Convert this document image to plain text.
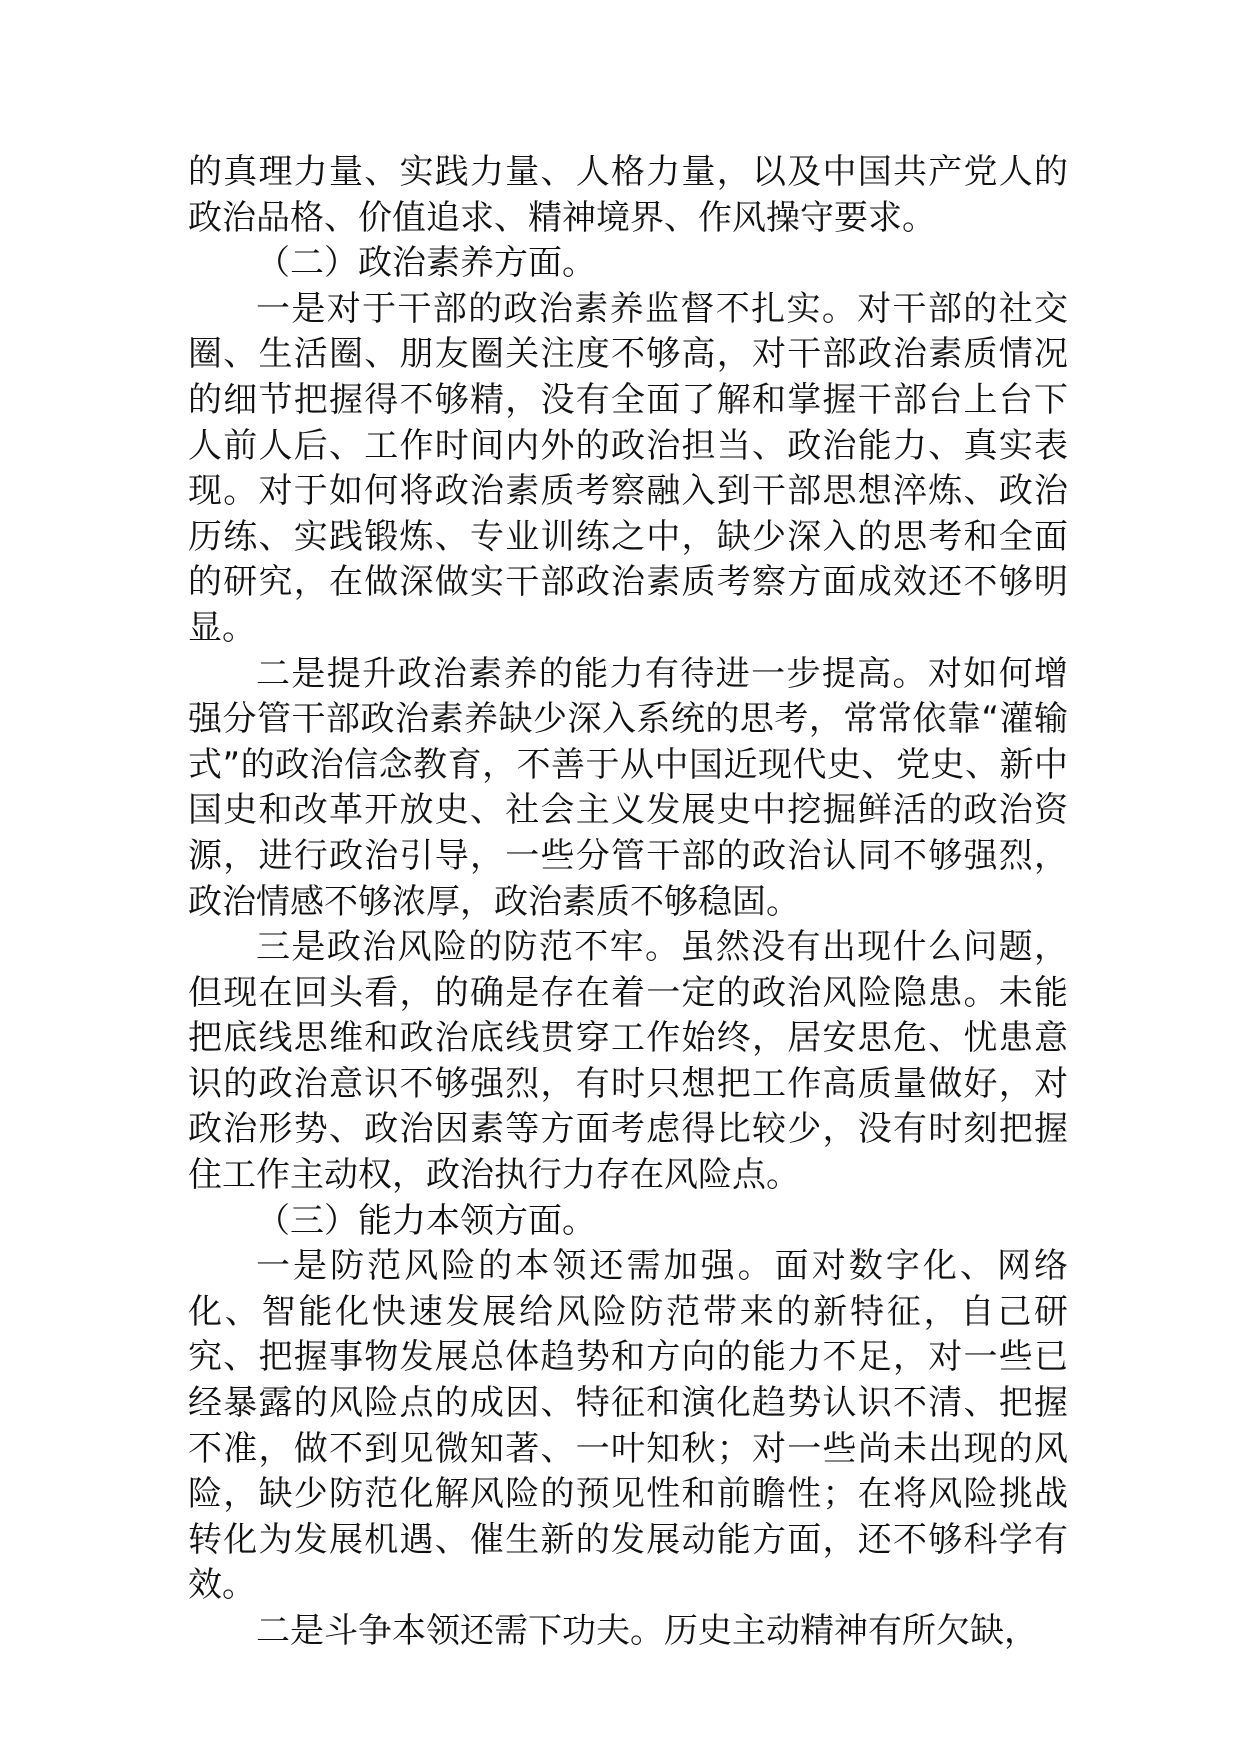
的真理力量、实践力量、人格力量，以及中国共产党人的政治品格、价值追求、精神境界、作风操守要求。

（二）政治素养方面。

一是对于干部的政治素养监督不扎实。对干部的社交圈、生活圈、朋友圈关注度不够高，对干部政治素质情况的细节把握得不够精，没有全面了解和掌握干部台上台下人前人后、工作时间内外的政治担当、政治能力、真实表现。对于如何将政治素质考察融入到干部思想淬炼、政治历练、实践锻炼、专业训练之中，缺少深入的思考和全面的研究，在做深做实干部政治素质考察方面成效还不够明显。

二是提升政治素养的能力有待进一步提高。对如何增强分管干部政治素养缺少深入系统的思考，常常依靠“灌输式”的政治信念教育，不善于从中国近现代史、党史、新中国史和改革开放史、社会主义发展史中挖掘鲜活的政治资源，进行政治引导，一些分管干部的政治认同不够强烈，政治情感不够浓厚，政治素质不够稳固。

三是政治风险的防范不牢。虽然没有出现什么问题，但现在回头看，的确是存在着一定的政治风险隐患。未能把底线思维和政治底线贯穿工作始终，居安思危、忧患意识的政治意识不够强烈，有时只想把工作高质量做好，对政治形势、政治因素等方面考虑得比较少，没有时刻把握住工作主动权，政治执行力存在风险点。

（三）能力本领方面。

一是防范风险的本领还需加强。面对数字化、网络化、智能化快速发展给风险防范带来的新特征，自己研究、把握事物发展总体趋势和方向的能力不足，对一些已经暴露的风险点的成因、特征和演化趋势认识不清、把握不准，做不到见微知著、一叶知秋；对一些尚未出现的风险，缺少防范化解风险的预见性和前瞻性；在将风险挑战转化为发展机遇、催生新的发展动能方面，还不够科学有效。

二是斗争本领还需下功夫。历史主动精神有所欠缺，
